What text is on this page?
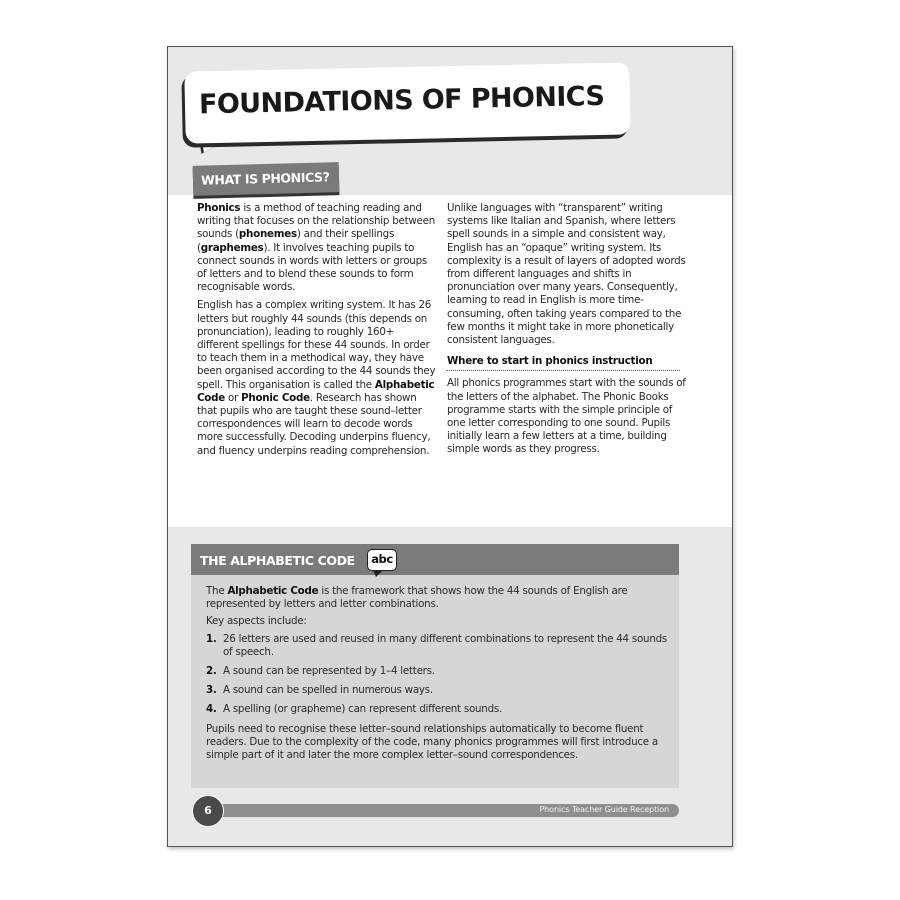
FOUNDATIONS OF PHONICS
WHAT IS PHONICS?

Phonics is a method of teaching reading and writing that focuses on the relationship between sounds (phonemes) and their spellings (graphemes). It involves teaching pupils to connect sounds in words with letters or groups of letters and to blend these sounds to form recognisable words.

English has a complex writing system. It has 26 letters but roughly 44 sounds (this depends on pronunciation), leading to roughly 160+ different spellings for these 44 sounds. In order to teach them in a methodical way, they have been organised according to the 44 sounds they spell. This organisation is called the Alphabetic Code or Phonic Code. Research has shown that pupils who are taught these sound–letter correspondences will learn to decode words more successfully. Decoding underpins fluency, and fluency underpins reading comprehension.

Unlike languages with “transparent” writing systems like Italian and Spanish, where letters spell sounds in a simple and consistent way, English has an “opaque” writing system. Its complexity is a result of layers of adopted words from different languages and shifts in pronunciation over many years. Consequently, learning to read in English is more time-consuming, often taking years compared to the few months it might take in more phonetically consistent languages.

Where to start in phonics instruction

All phonics programmes start with the sounds of the letters of the alphabet. The Phonic Books programme starts with the simple principle of one letter corresponding to one sound. Pupils initially learn a few letters at a time, building simple words as they progress.

THE ALPHABETIC CODE	abc

The Alphabetic Code is the framework that shows how the 44 sounds of English are represented by letters and letter combinations.

Key aspects include:

1. 26 letters are used and reused in many different combinations to represent the 44 sounds of speech.
2. A sound can be represented by 1–4 letters.
3. A sound can be spelled in numerous ways.
4. A spelling (or grapheme) can represent different sounds.

Pupils need to recognise these letter–sound relationships automatically to become fluent readers. Due to the complexity of the code, many phonics programmes will first introduce a simple part of it and later the more complex letter–sound correspondences.

Phonics Teacher Guide Reception
6
